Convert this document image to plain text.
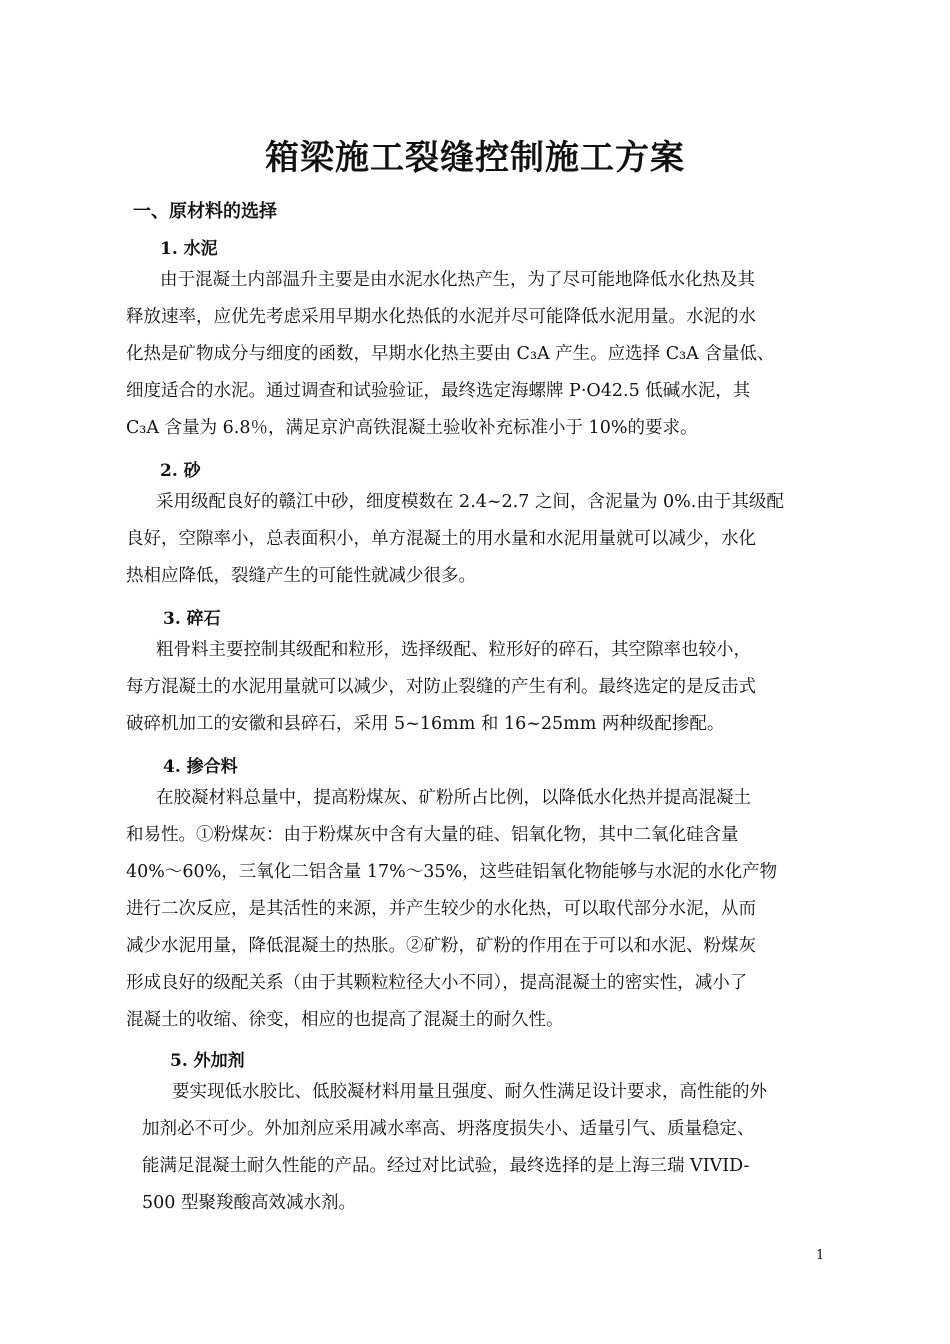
箱梁施工裂缝控制施工方案
一、原材料的选择
1. 水泥
由于混凝土内部温升主要是由水泥水化热产生，为了尽可能地降低水化热及其
释放速率，应优先考虑采用早期水化热低的水泥并尽可能降低水泥用量。水泥的水
化热是矿物成分与细度的函数，早期水化热主要由 C₃A 产生。应选择 C₃A 含量低、
细度适合的水泥。通过调查和试验验证，最终选定海螺牌 P·O42.5 低碱水泥，其
C₃A 含量为 6.8％，满足京沪高铁混凝土验收补充标准小于 10%的要求。
2. 砂
采用级配良好的赣江中砂，细度模数在 2.4~2.7 之间，含泥量为 0%.由于其级配
良好，空隙率小，总表面积小，单方混凝土的用水量和水泥用量就可以减少，水化
热相应降低，裂缝产生的可能性就减少很多。
3. 碎石
粗骨料主要控制其级配和粒形，选择级配、粒形好的碎石，其空隙率也较小，
每方混凝土的水泥用量就可以减少，对防止裂缝的产生有利。最终选定的是反击式
破碎机加工的安徽和县碎石，采用 5~16mm 和 16~25mm 两种级配掺配。
4. 掺合料
在胶凝材料总量中，提高粉煤灰、矿粉所占比例，以降低水化热并提高混凝土
和易性。①粉煤灰：由于粉煤灰中含有大量的硅、铝氧化物，其中二氧化硅含量
40%～60%，三氧化二铝含量 17%～35%，这些硅铝氧化物能够与水泥的水化产物
进行二次反应，是其活性的来源，并产生较少的水化热，可以取代部分水泥，从而
减少水泥用量，降低混凝土的热胀。②矿粉，矿粉的作用在于可以和水泥、粉煤灰
形成良好的级配关系（由于其颗粒粒径大小不同），提高混凝土的密实性，减小了
混凝土的收缩、徐变，相应的也提高了混凝土的耐久性。
5. 外加剂
要实现低水胶比、低胶凝材料用量且强度、耐久性满足设计要求，高性能的外
加剂必不可少。外加剂应采用减水率高、坍落度损失小、适量引气、质量稳定、
能满足混凝土耐久性能的产品。经过对比试验，最终选择的是上海三瑞 VIVID-
500 型聚羧酸高效减水剂。
1
